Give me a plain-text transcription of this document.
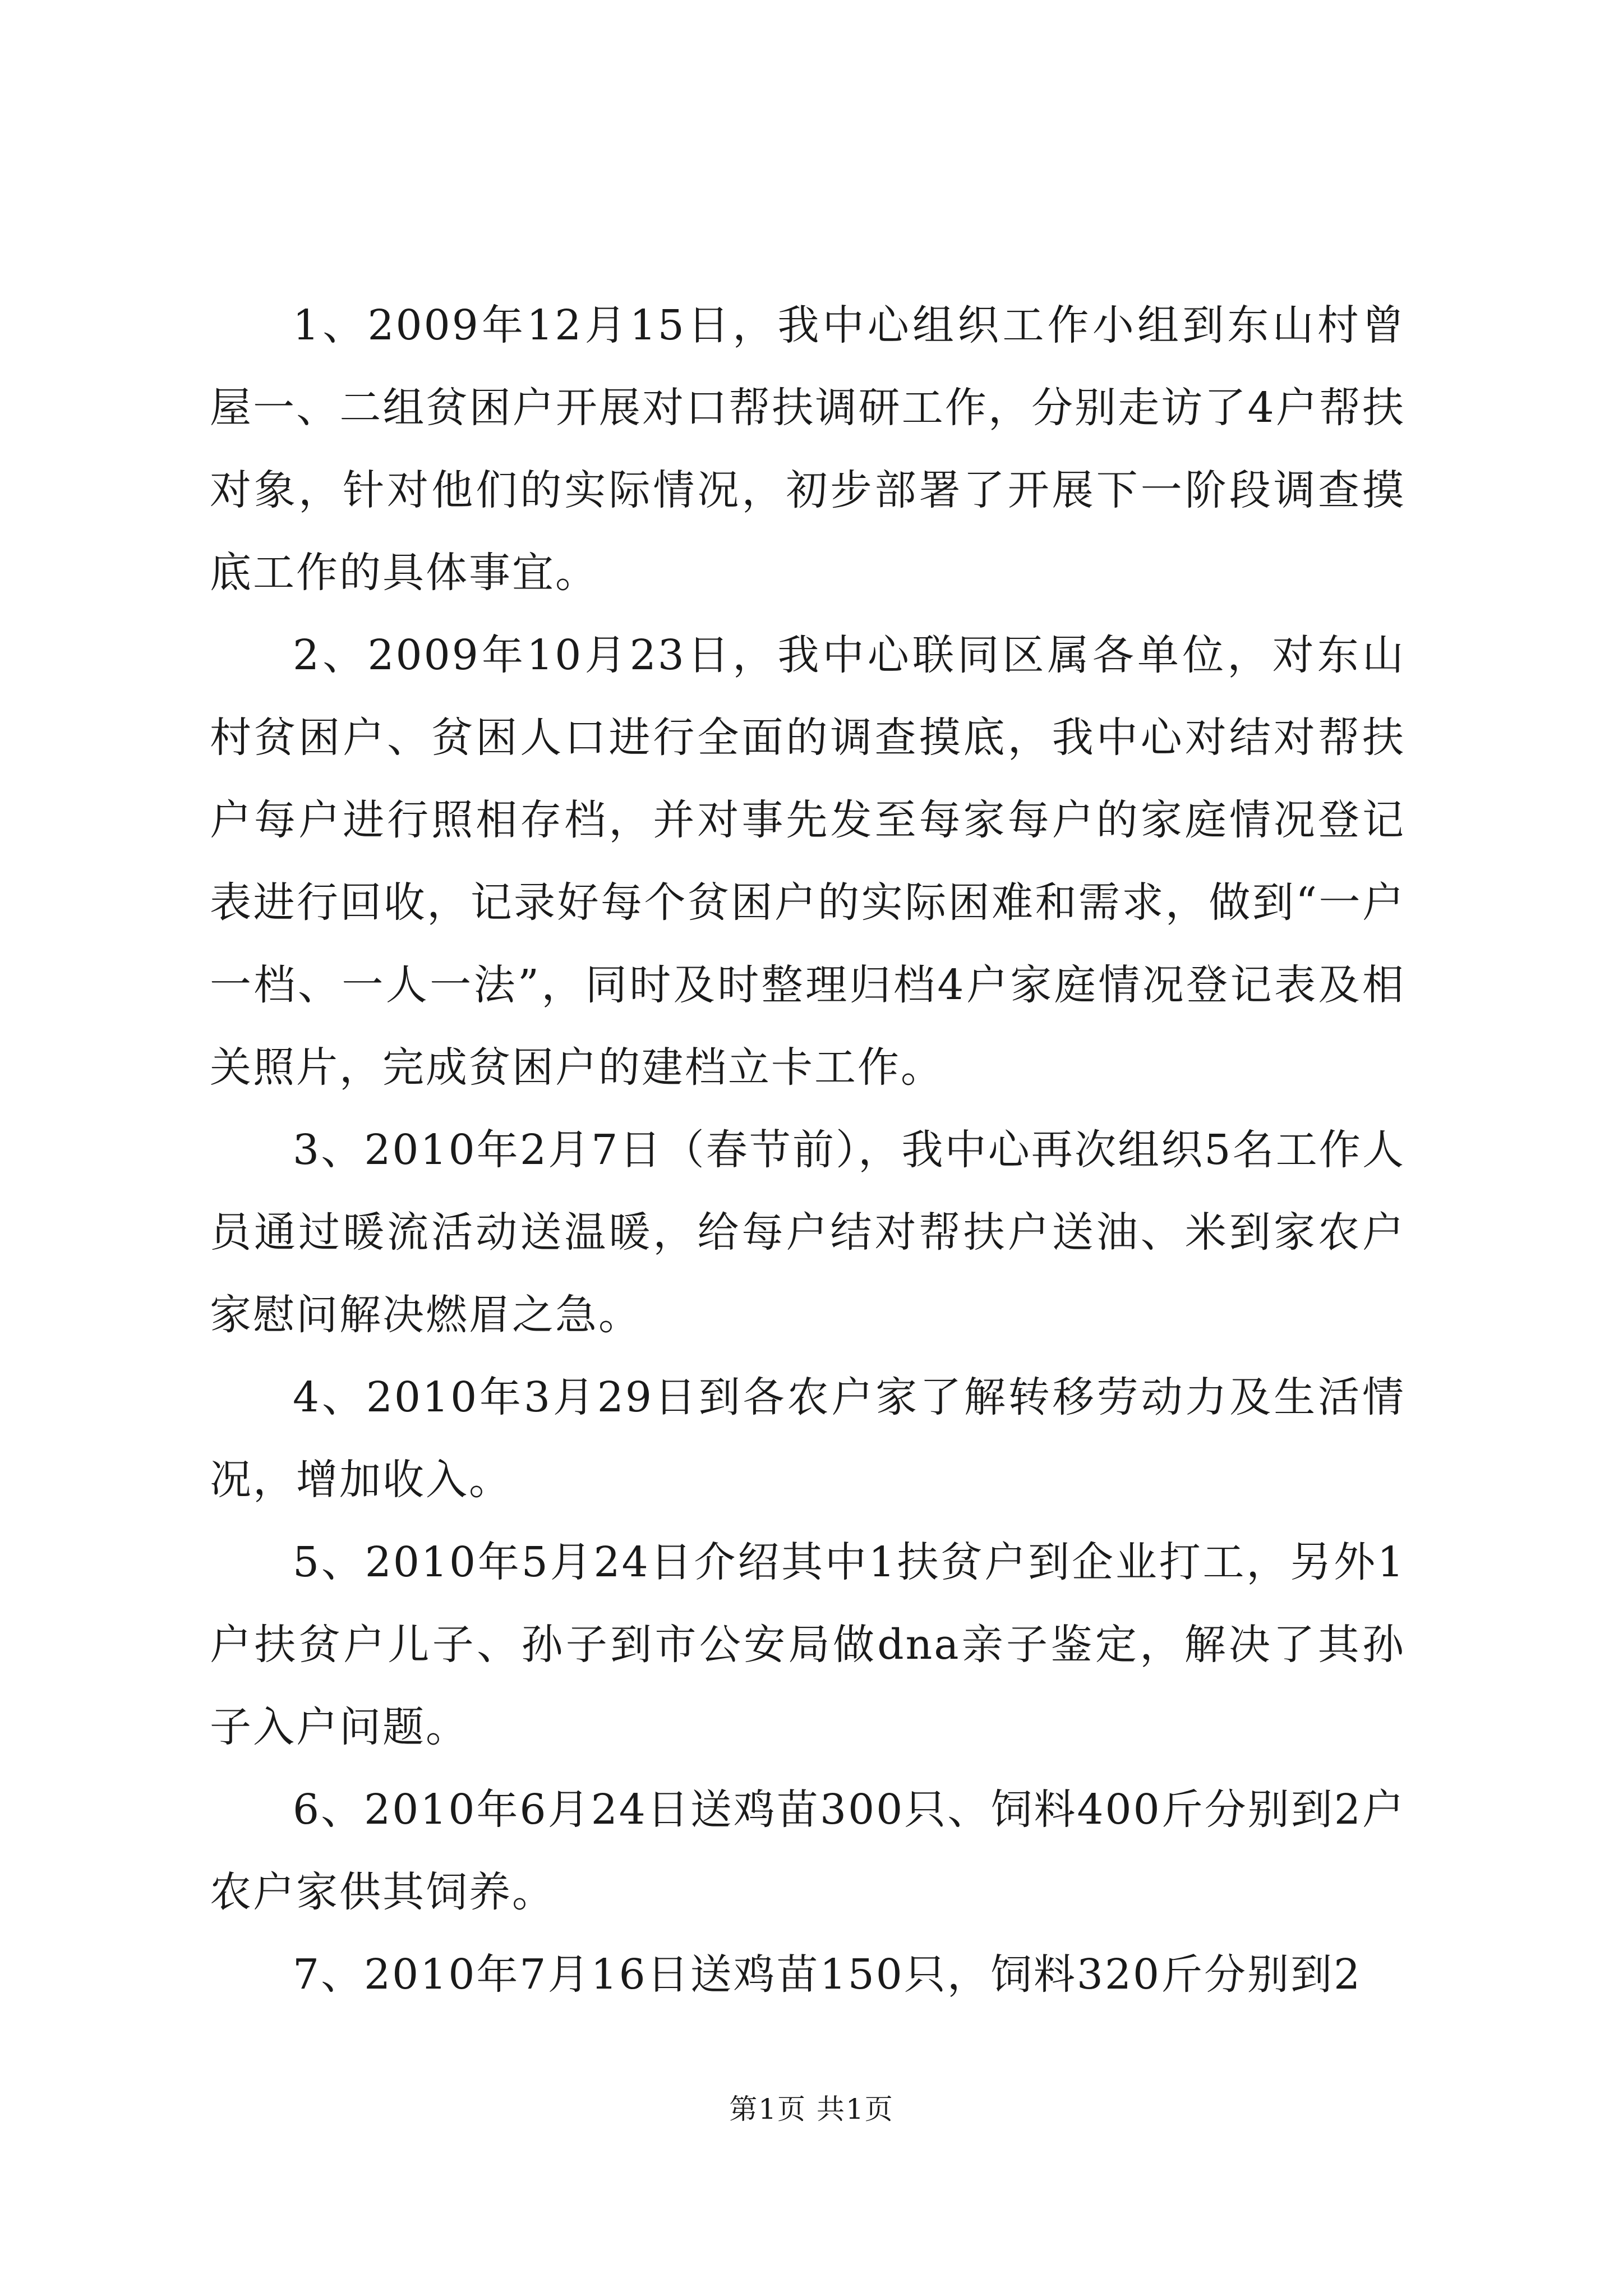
1、2009年12月15日，我中心组织工作小组到东山村曾屋一、二组贫困户开展对口帮扶调研工作，分别走访了4户帮扶对象，针对他们的实际情况，初步部署了开展下一阶段调查摸底工作的具体事宜。

2、2009年10月23日，我中心联同区属各单位，对东山村贫困户、贫困人口进行全面的调查摸底，我中心对结对帮扶户每户进行照相存档，并对事先发至每家每户的家庭情况登记表进行回收，记录好每个贫困户的实际困难和需求，做到“一户一档、一人一法”，同时及时整理归档4户家庭情况登记表及相关照片，完成贫困户的建档立卡工作。

3、2010年2月7日（春节前），我中心再次组织5名工作人员通过暖流活动送温暖，给每户结对帮扶户送油、米到家农户家慰问解决燃眉之急。

4、2010年3月29日到各农户家了解转移劳动力及生活情况，增加收入。

5、2010年5月24日介绍其中1扶贫户到企业打工，另外1户扶贫户儿子、孙子到市公安局做dna亲子鉴定，解决了其孙子入户问题。

6、2010年6月24日送鸡苗300只、饲料400斤分别到2户农户家供其饲养。

7、2010年7月16日送鸡苗150只，饲料320斤分别到2

第1页 共1页
